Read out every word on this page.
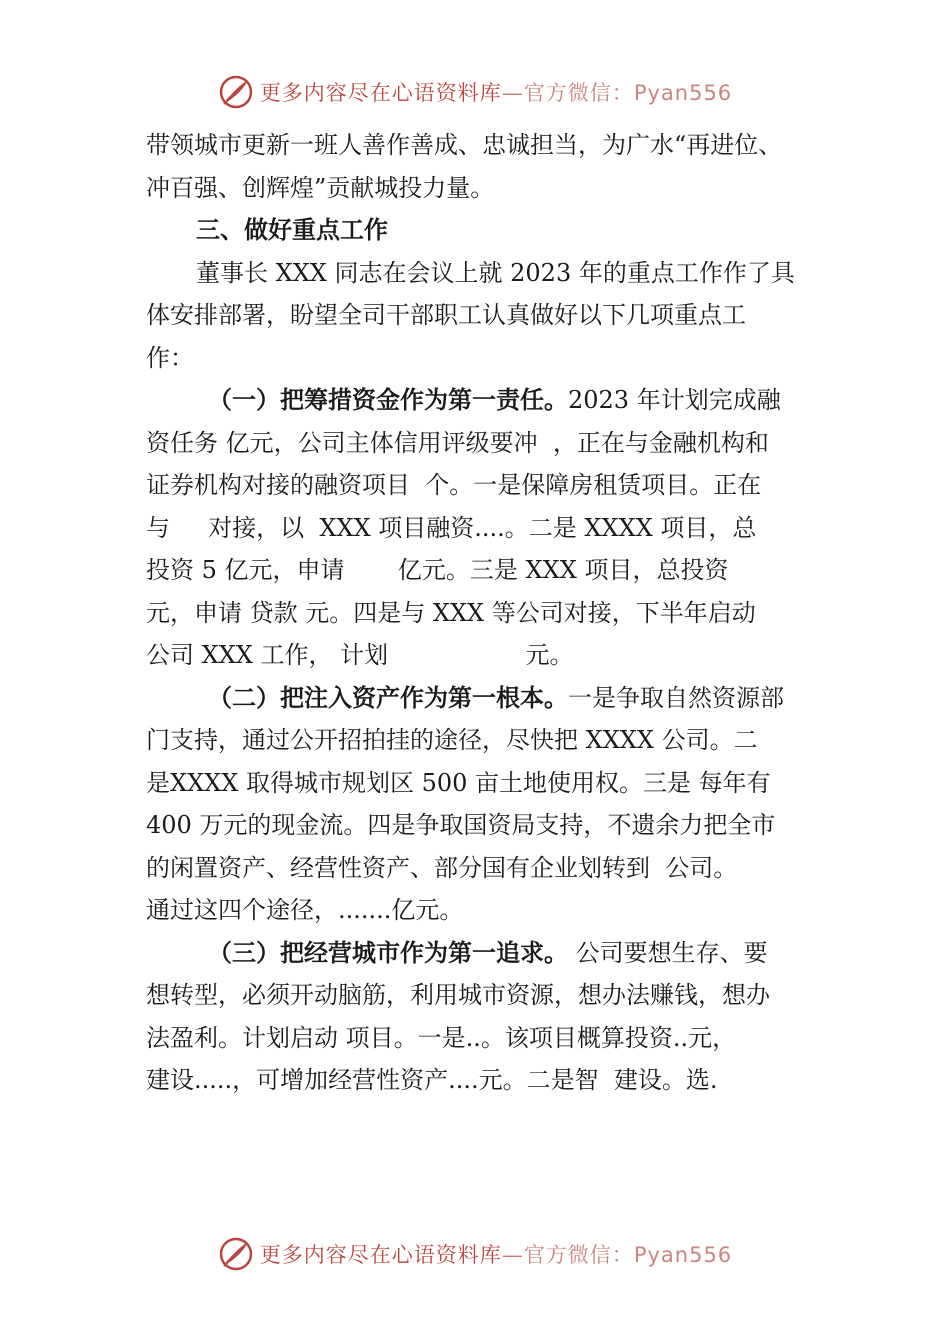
更多内容尽在心语资料库—官方微信：Pyan556
带领城市更新一班人善作善成、忠诚担当，为广水“再进位、
冲百强、创辉煌”贡献城投力量。
三、做好重点工作
董事长 XXX 同志在会议上就 2023 年的重点工作作了具
体安排部署，盼望全司干部职工认真做好以下几项重点工
作：
（一）把筹措资金作为第一责任。2023 年计划完成融
资任务 亿元，公司主体信用评级要冲  ，正在与金融机构和
证券机构对接的融资项目  个。一是保障房租赁项目。正在
与     对接，以  XXX 项目融资....。二是 XXXX 项目，总
投资 5 亿元，申请       亿元。三是 XXX 项目，总投资
元，申请 贷款 元。四是与 XXX 等公司对接，下半年启动
公司 XXX 工作， 计划                  元。
（二）把注入资产作为第一根本。一是争取自然资源部
门支持，通过公开招拍挂的途径，尽快把 XXXX 公司。二
是XXXX 取得城市规划区 500 亩土地使用权。三是 每年有
400 万元的现金流。四是争取国资局支持，不遗余力把全市
的闲置资产、经营性资产、部分国有企业划转到  公司。
通过这四个途径，.......亿元。
（三）把经营城市作为第一追求。 公司要想生存、要
想转型，必须开动脑筋，利用城市资源，想办法赚钱，想办
法盈利。计划启动 项目。一是..。该项目概算投资..元，
建设.....，可增加经营性资产....元。二是智  建设。选.
更多内容尽在心语资料库—官方微信：Pyan556
